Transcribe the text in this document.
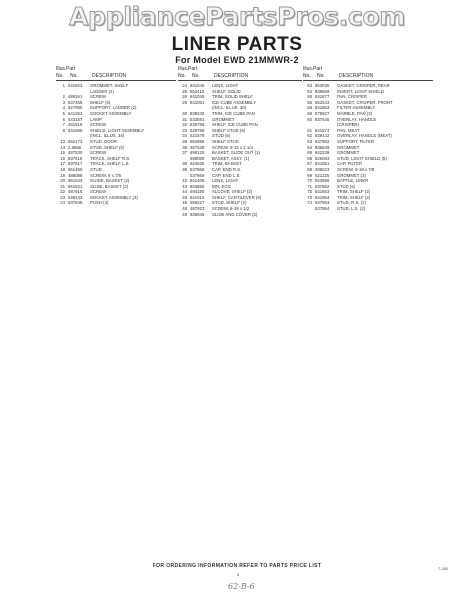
AppliancePartsPros.com
LINER PARTS
For Model EWD 21MMWR-2
Illus. Part
No. No.	DESCRIPTION
1 541923 GROMMET, SHELF
LADDER (4)
2 488161 SCREW
3 637458 SHELF (5)
4 527065 SUPPORT, LADDER (2)
5 541253 SOCKET ASSEMBLY
6 543157 LAMP
7 481916 SCREW
8 541065 SHIELD, LIGHT ASSEMBLY
(INCL. ILLUS. 34)
13 652173 STUD, DOOR
14 2.5866 STUD, SHELF (5)
15 487530 SCREW
16 837516 TRACK, SHELF R.S.
17 837517 TRACK, SHELF L.S.
18 651460 STUD
19 488088 SCREW, 8 x 7/8
20 651533 GUIDE, BASKET (2)
21 651531 SLIDE, BASKET (2)
22 487916 SCREW
23 549243 SOCKET ASSEMBLY (3)
24 537849 PUSH (3)
Illus. Part
No. No.	DESCRIPTION
24 841046 LENS, LIGHT
25 652415 SHELF, SOLID
26 841049 TRIM, SOLID SHELF
29 841051 ICE CUBE ASSEMBLY
(INCL. ILLUS. 30)
30 839240 TRIM, ICE CUBE PAN
31 533681 GROMMET
32 836788 SHELF, ICE CUBE PAN
33 529758 SHELF STUD (6)
34 521578 STUD (6)
35 584996 SHELF STUD
36 487539 SCREW, 8-15 x 1 1/4
37 698125 BASKET, SLIDE OUT (1)
698089 BASKET, ASSY. (1)
38 624635 TRIM, BASKET
39 537868 CAP, END R.S.
537869 CAP, END L.S.
42 841406 LENS, LIGHT
43 843858 BIN, EGG
44 694180 ALCOVE, SHELF (2)
45 841010 SHELF, CANTILEVER (6)
46 656227 STUD, SHELF (2)
48 487923 SCREW, 8-18 x 1/2
49 836546 SLIDE AND COVER (2)
Illus. Part
No. No.	DESCRIPTION
53 853036 GASKET, CRISPER, REAR
54 839569 INSERT, LIGHT SHIELD
55 841877 PAN, CRISPER
56 652543 GASKET, CRISPER, FRONT
58 841853 FILTER ASSEMBLY
59 579627 MARBLE, PAN (3)
60 837645 OVERLAY, HANDLE
(CRISPER)
61 841874 PAN, MEAT
62 839442 OVERLAY, HANDLE (MEAT)
63 837902 SUPPORT, FILTER
64 836649 GROMMET
65 842239 GROMMET
66 526083 STUD, LIGHT SHIELD (5)
67 841851 CAP, FILTER
68 486023 SCREW, 8-18 x 7/8
69 521225 GROMMET (3)
70 843856 BAFFLE, LINER
71 537862 STUD (6)
72 841853 TRIM, SHELF (2)
73 841854 TRIM, SHELF (2)
74 537863 STUD, R.S. (2)
537864 STUD, L.S. (2)
FOR ORDERING INFORMATION REFER TO PARTS PRICE LIST
3
7-260
62-B-6
